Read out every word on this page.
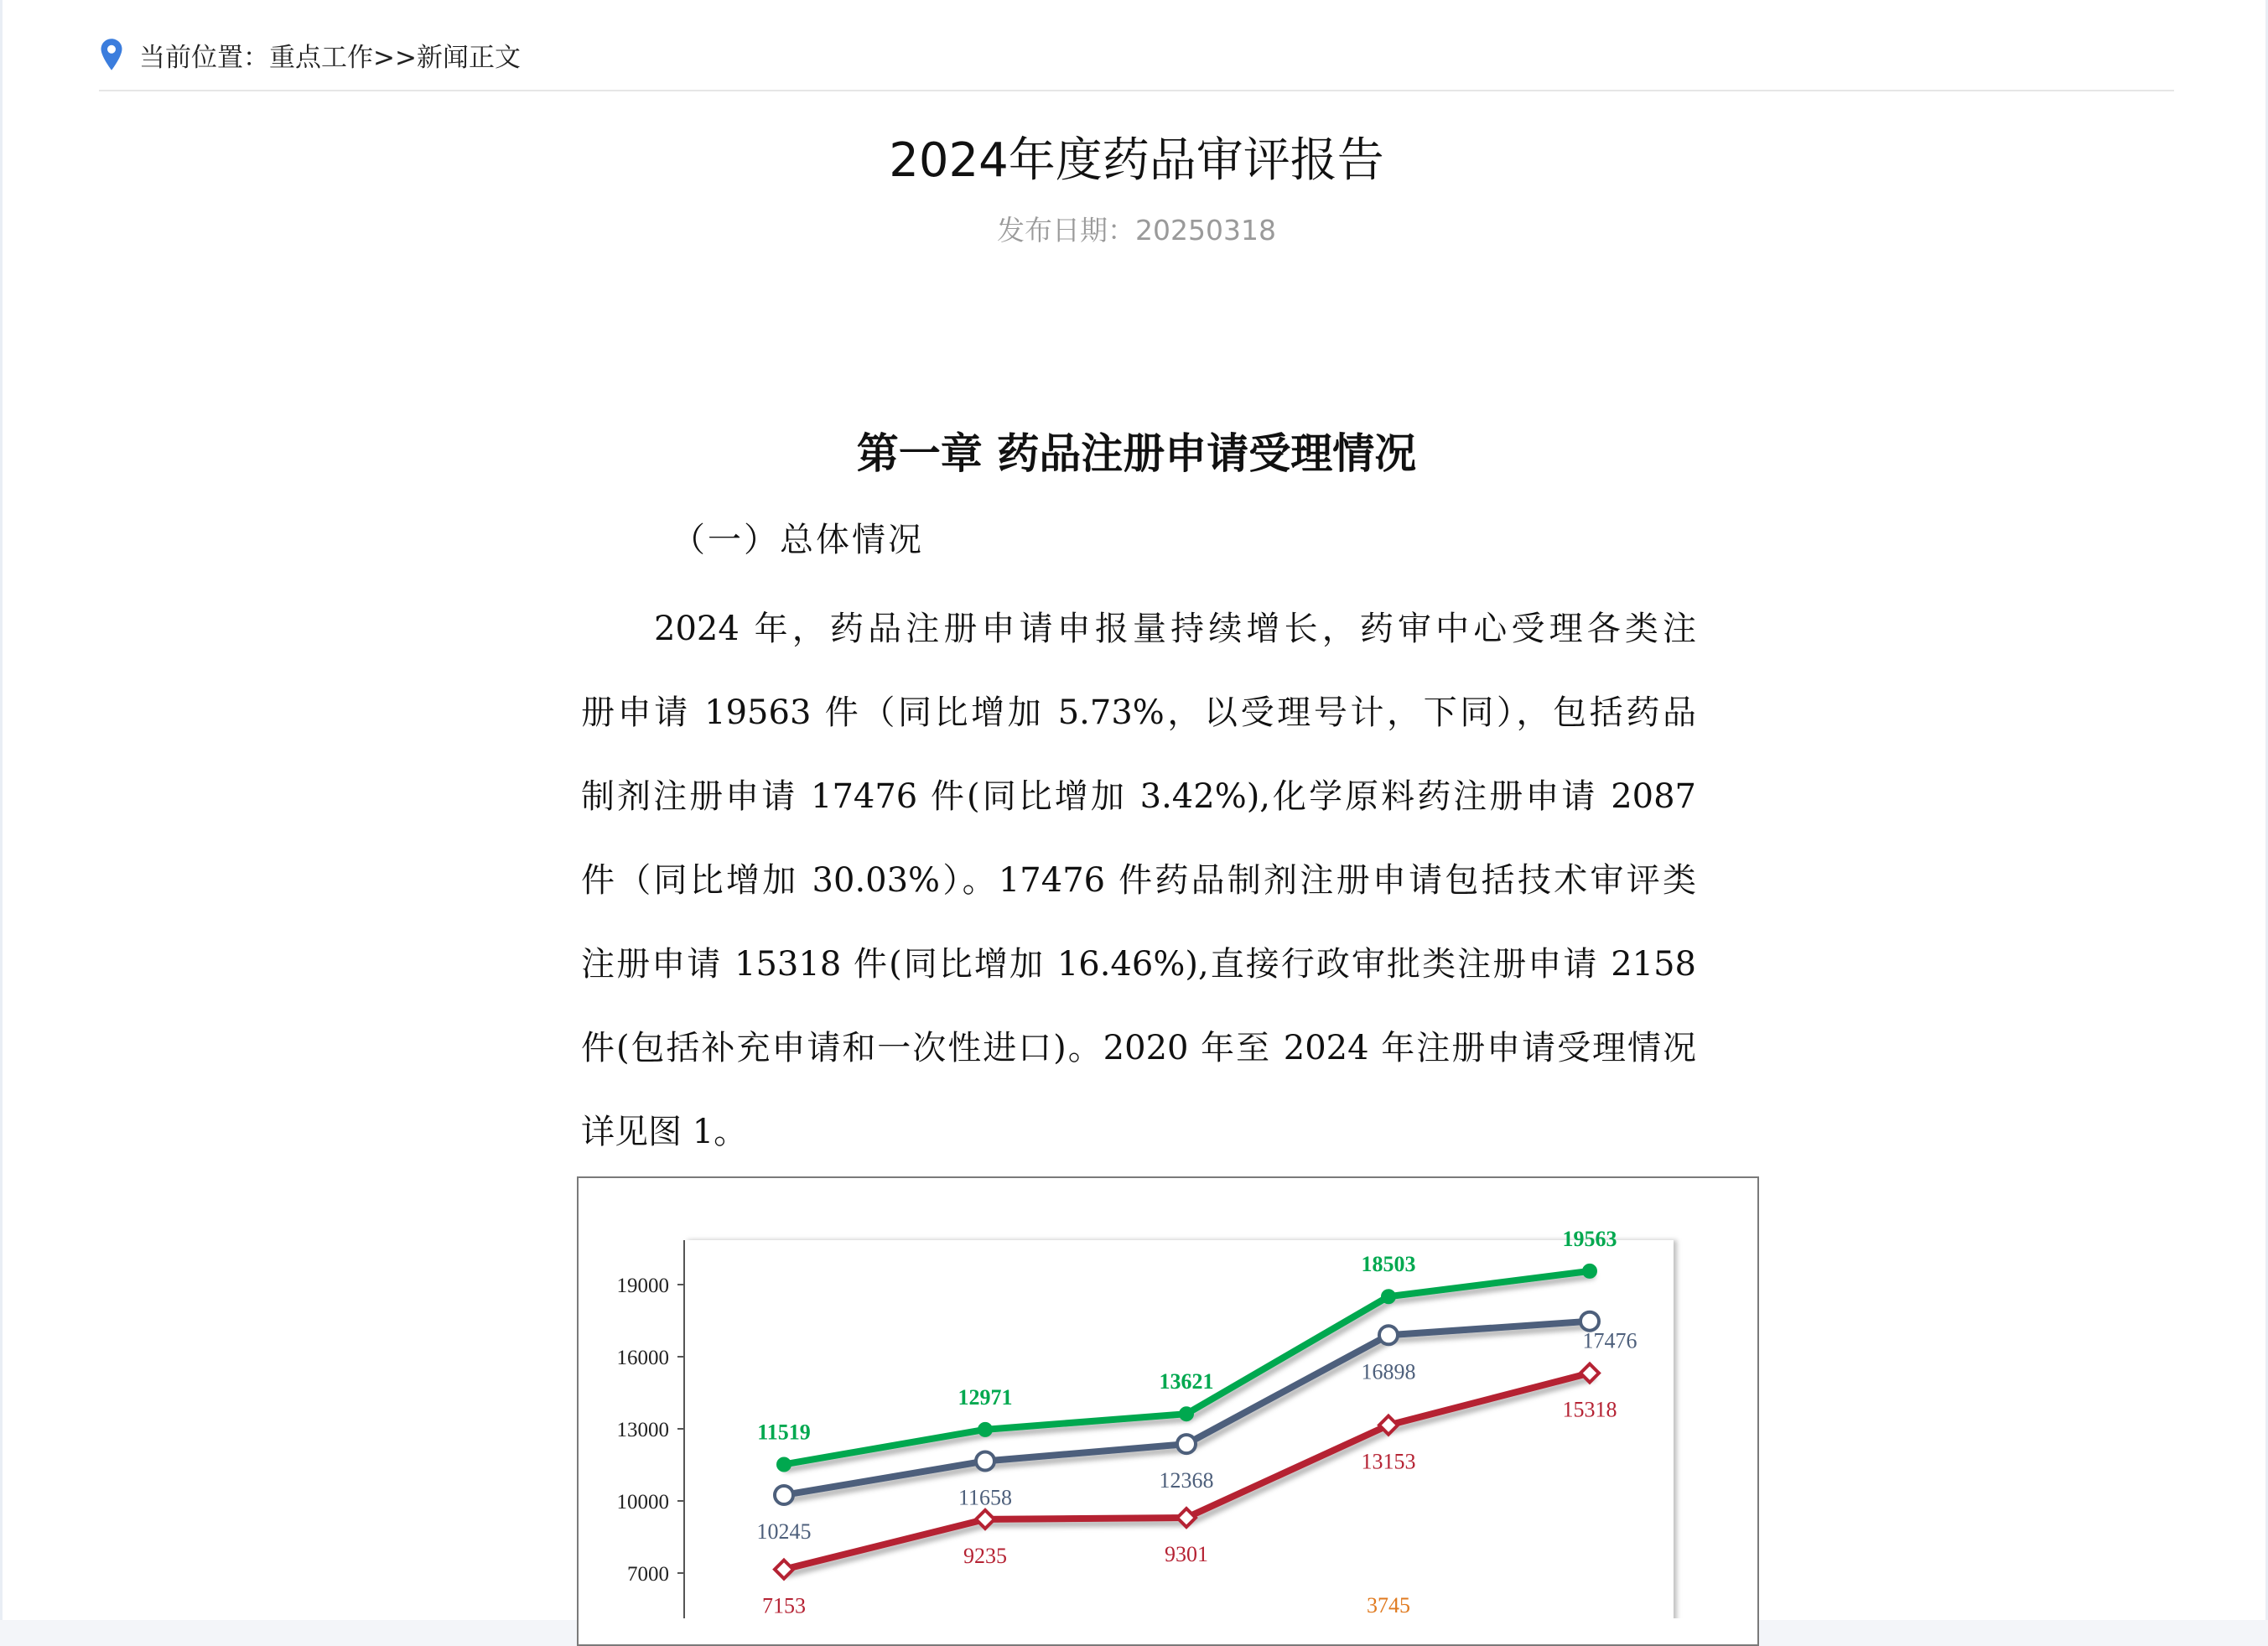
当前位置： 重点工作>>新闻正文
2024年度药品审评报告
发布日期：20250318
第一章 药品注册申请受理情况
（一）总体情况
2024 年，药品注册申请申报量持续增长，药审中心受理各类注
册申请 19563 件（同比增加 5.73%，以受理号计，下同），包括药品
制剂注册申请 17476 件(同比增加 3.42%),化学原料药注册申请 2087
件（同比增加 30.03%）。17476 件药品制剂注册申请包括技术审评类
注册申请 15318 件(同比增加 16.46%),直接行政审批类注册申请 2158
件(包括补充申请和一次性进口)。2020 年至 2024 年注册申请受理情况
详见图 1。
7000
10000
13000
16000
19000
11519
12971
13621
18503
19563
10245
11658
12368
16898
17476
7153
9235	9301
13153
15318
3745
